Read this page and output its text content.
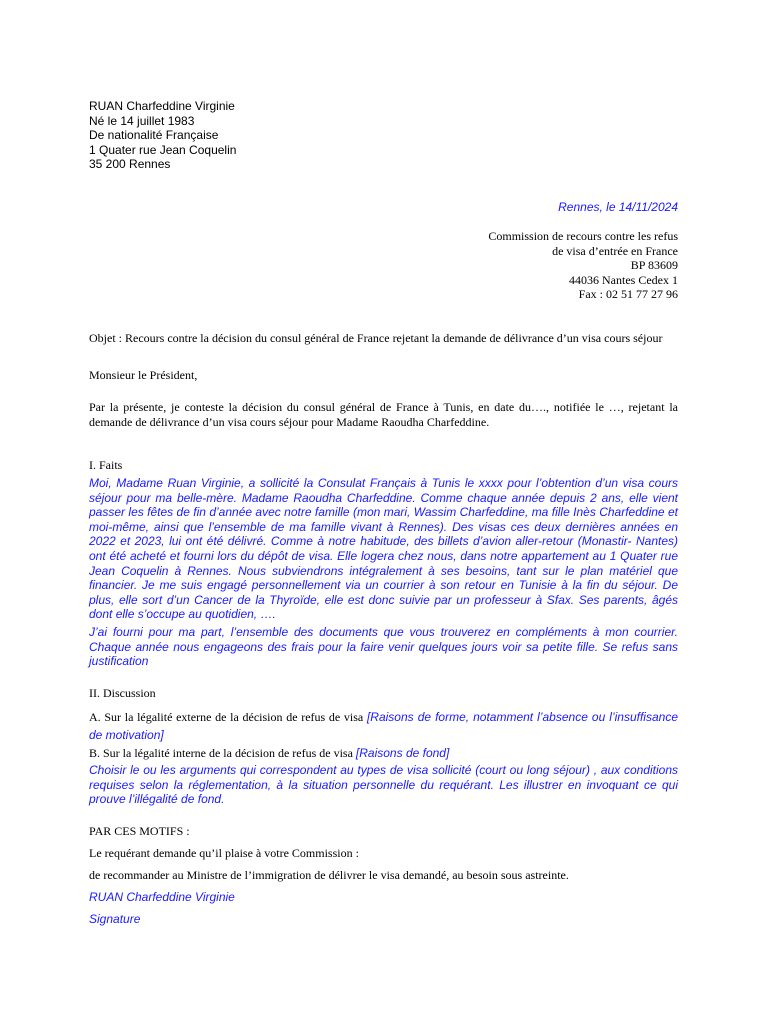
RUAN Charfeddine Virginie
Né le 14 juillet 1983
De nationalité Française
1 Quater rue Jean Coquelin
35 200 Rennes
Rennes, le 14/11/2024
Commission de recours contre les refus
de visa d’entrée en France
BP 83609
44036 Nantes Cedex 1
Fax : 02 51 77 27 96
Objet : Recours contre la décision du consul général de France rejetant la demande de délivrance d’un visa cours séjour
Monsieur le Président,
Par la présente, je conteste la décision du consul général de France à Tunis, en date du…., notifiée le …, rejetant la demande de délivrance d’un visa cours séjour pour Madame Raoudha Charfeddine.
I. Faits
Moi, Madame Ruan Virginie, a sollicité la Consulat Français à Tunis le xxxx pour l’obtention d’un visa cours séjour pour ma belle-mère. Madame Raoudha Charfeddine. Comme chaque année depuis 2 ans, elle vient passer les fêtes de fin d’année avec notre famille (mon mari, Wassim Charfeddine, ma fille Inès Charfeddine et moi-même, ainsi que l’ensemble de ma famille vivant à Rennes). Des visas ces deux dernières années en 2022 et 2023, lui ont été délivré. Comme à notre habitude, des billets d’avion aller-retour (Monastir- Nantes) ont été acheté et fourni lors du dépôt de visa. Elle logera chez nous, dans notre appartement au 1 Quater rue Jean Coquelin à Rennes. Nous subviendrons intégralement à ses besoins, tant sur le plan matériel que financier. Je me suis engagé personnellement via un courrier à son retour en Tunisie à la fin du séjour. De plus, elle sort d’un Cancer de la Thyroïde, elle est donc suivie par un professeur à Sfax. Ses parents, âgés dont elle s’occupe au quotidien, ….
J’ai fourni pour ma part, l’ensemble des documents que vous trouverez en compléments à mon courrier. Chaque année nous engageons des frais pour la faire venir quelques jours voir sa petite fille. Se refus sans justification
II. Discussion
A. Sur la légalité externe de la décision de refus de visa [Raisons de forme, notamment l’absence ou l’insuffisance de motivation]
B. Sur la légalité interne de la décision de refus de visa [Raisons de fond]
Choisir le ou les arguments qui correspondent au types de visa sollicité (court ou long séjour) , aux conditions requises selon la réglementation, à la situation personnelle du requérant. Les illustrer en invoquant ce qui prouve l’illégalité de fond.
PAR CES MOTIFS :
Le requérant demande qu’il plaise à votre Commission :
de recommander au Ministre de l’immigration de délivrer le visa demandé, au besoin sous astreinte.
RUAN Charfeddine Virginie
Signature
